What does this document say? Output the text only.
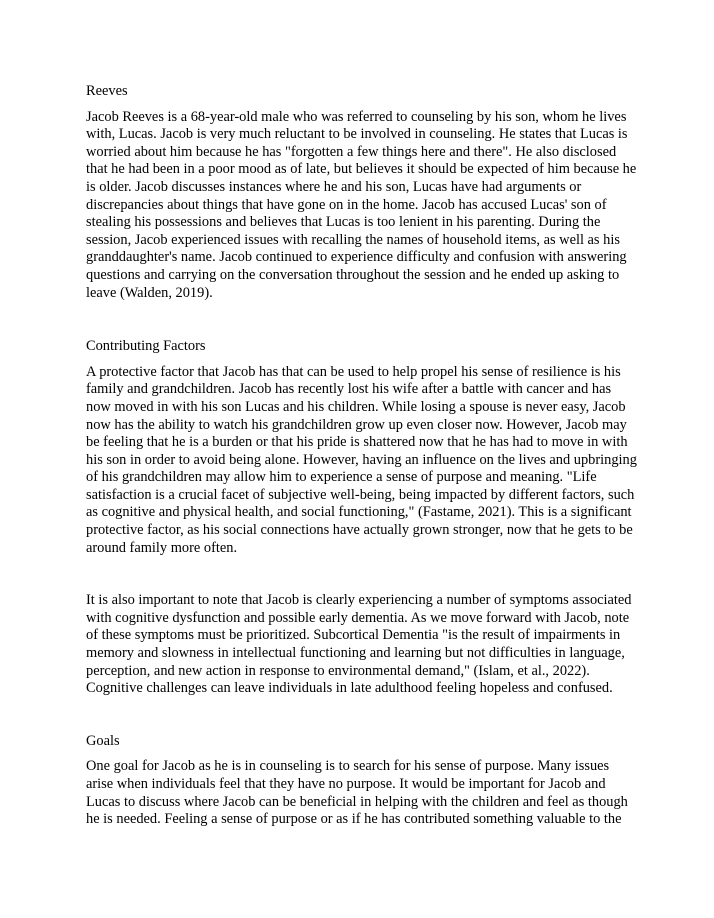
Reeves

Jacob Reeves is a 68-year-old male who was referred to counseling by his son, whom he lives with, Lucas. Jacob is very much reluctant to be involved in counseling. He states that Lucas is worried about him because he has "forgotten a few things here and there". He also disclosed that he had been in a poor mood as of late, but believes it should be expected of him because he is older. Jacob discusses instances where he and his son, Lucas have had arguments or discrepancies about things that have gone on in the home. Jacob has accused Lucas' son of stealing his possessions and believes that Lucas is too lenient in his parenting. During the session, Jacob experienced issues with recalling the names of household items, as well as his granddaughter's name. Jacob continued to experience difficulty and confusion with answering questions and carrying on the conversation throughout the session and he ended up asking to leave (Walden, 2019).

Contributing Factors

A protective factor that Jacob has that can be used to help propel his sense of resilience is his family and grandchildren. Jacob has recently lost his wife after a battle with cancer and has now moved in with his son Lucas and his children. While losing a spouse is never easy, Jacob now has the ability to watch his grandchildren grow up even closer now. However, Jacob may be feeling that he is a burden or that his pride is shattered now that he has had to move in with his son in order to avoid being alone. However, having an influence on the lives and upbringing of his grandchildren may allow him to experience a sense of purpose and meaning. "Life satisfaction is a crucial facet of subjective well-being, being impacted by different factors, such as cognitive and physical health, and social functioning," (Fastame, 2021). This is a significant protective factor, as his social connections have actually grown stronger, now that he gets to be around family more often.

It is also important to note that Jacob is clearly experiencing a number of symptoms associated with cognitive dysfunction and possible early dementia. As we move forward with Jacob, note of these symptoms must be prioritized. Subcortical Dementia "is the result of impairments in memory and slowness in intellectual functioning and learning but not difficulties in language, perception, and new action in response to environmental demand," (Islam, et al., 2022). Cognitive challenges can leave individuals in late adulthood feeling hopeless and confused.

Goals

One goal for Jacob as he is in counseling is to search for his sense of purpose. Many issues arise when individuals feel that they have no purpose. It would be important for Jacob and Lucas to discuss where Jacob can be beneficial in helping with the children and feel as though he is needed. Feeling a sense of purpose or as if he has contributed something valuable to the
